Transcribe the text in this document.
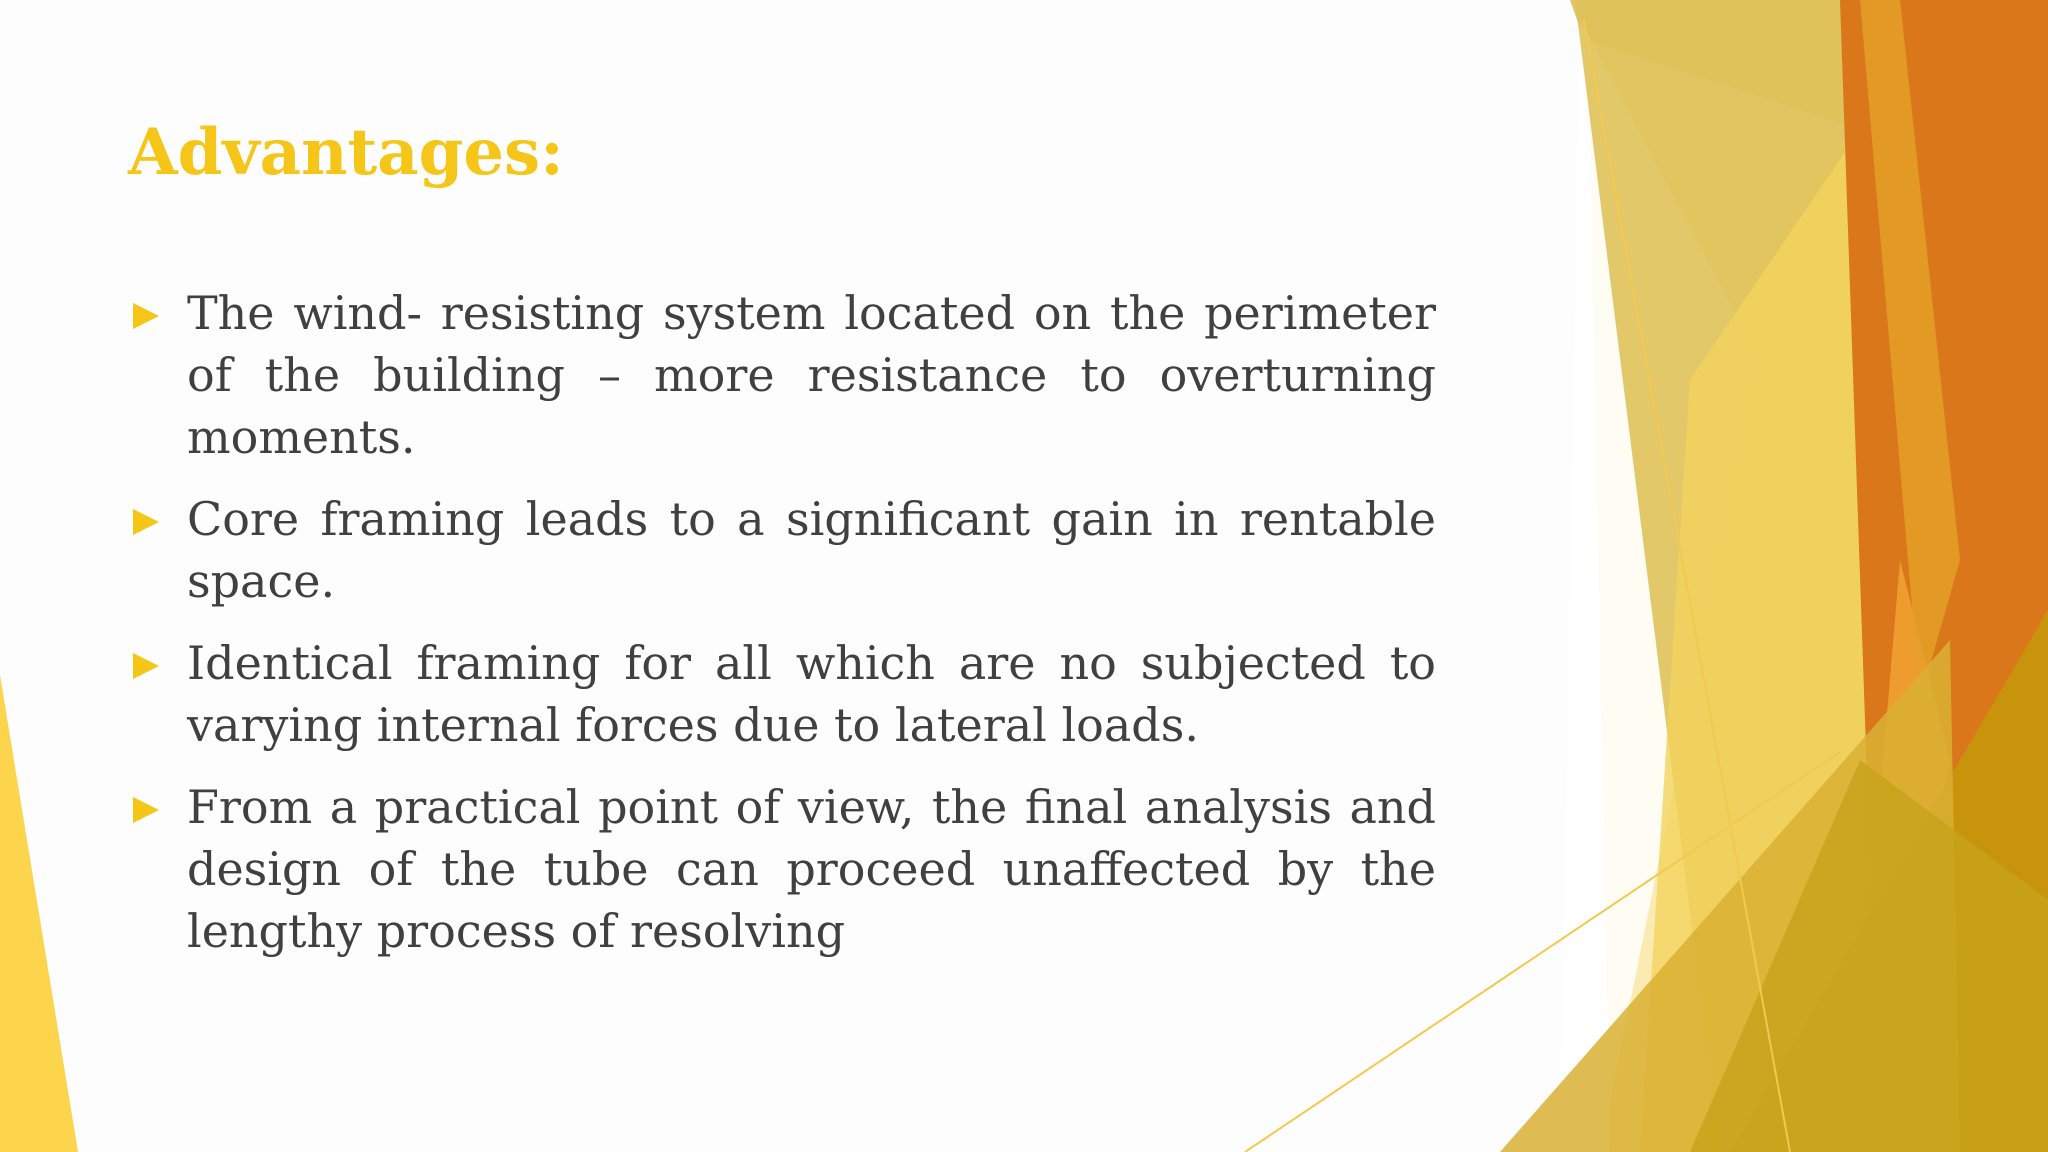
Advantages:
The wind- resisting system located on the perimeter of the building – more resistance to overturning moments.
Core framing leads to a significant gain in rentable space.
Identical framing for all which are no subjected to varying internal forces due to lateral loads.
From a practical point of view, the final analysis and design of the tube can proceed unaffected by the lengthy process of resolving
